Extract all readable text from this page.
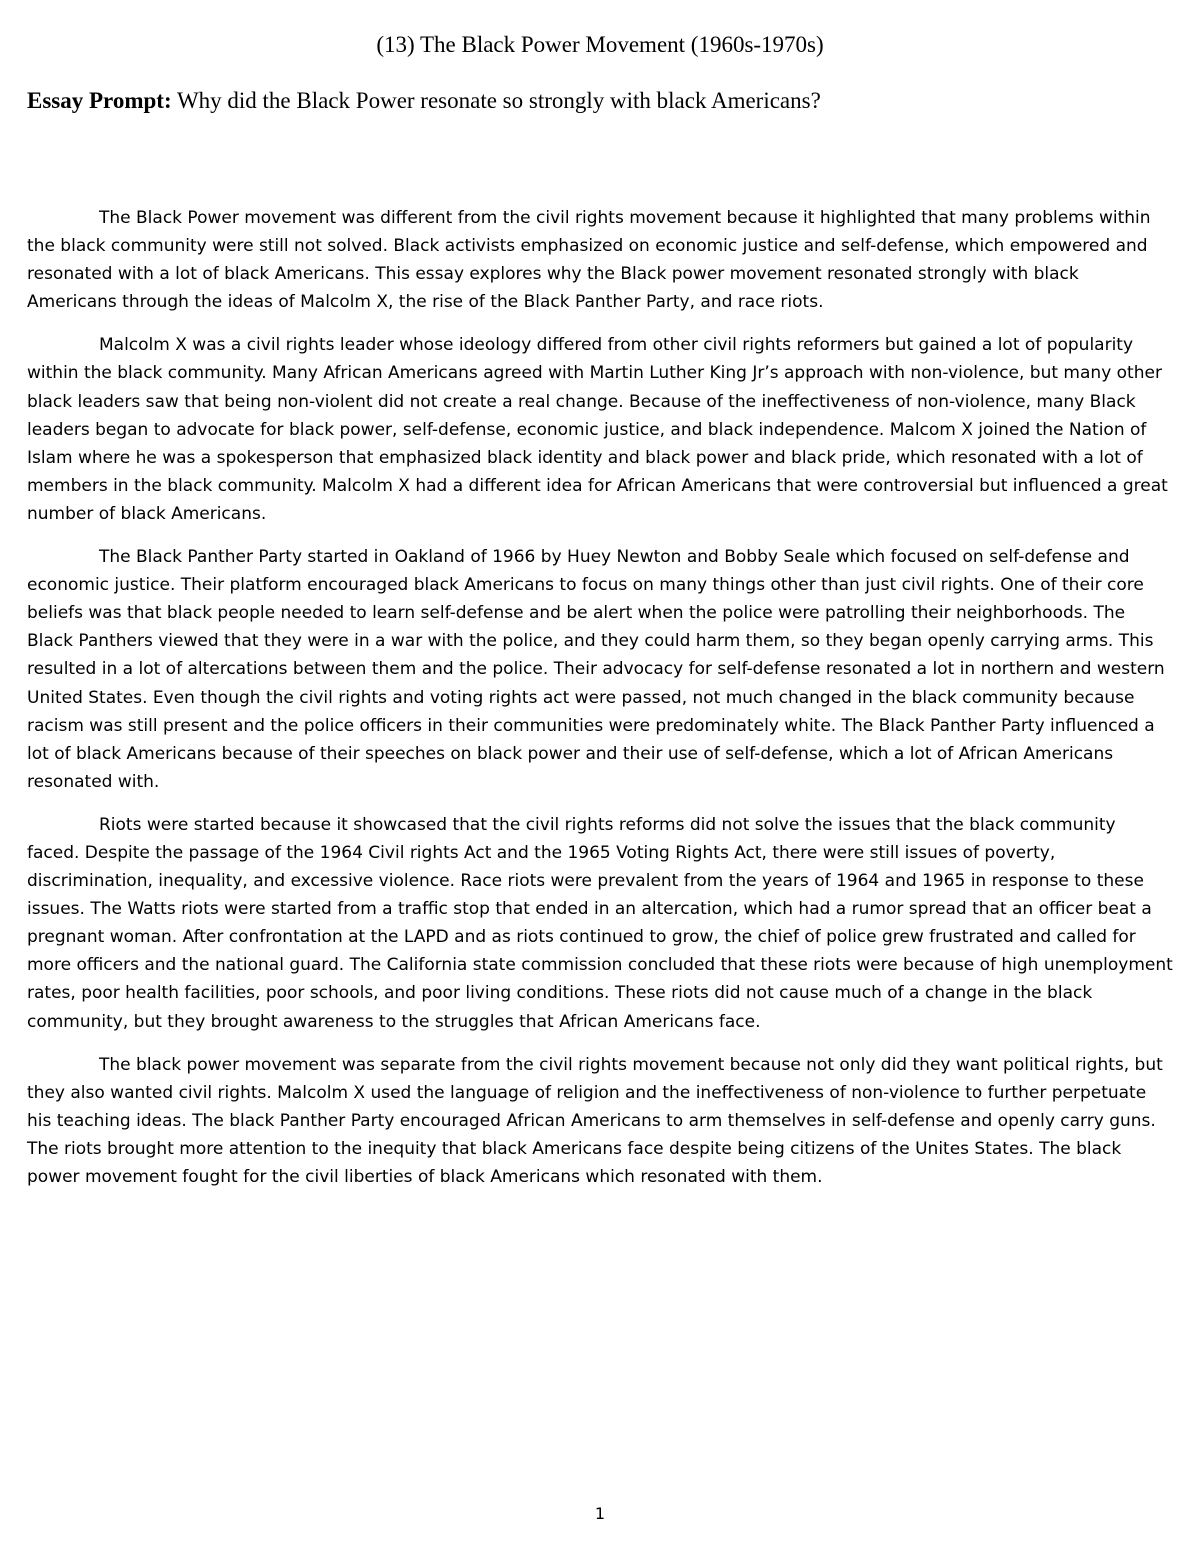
(13) The Black Power Movement (1960s-1970s)

Essay Prompt: Why did the Black Power resonate so strongly with black Americans?

The Black Power movement was different from the civil rights movement because it highlighted that many problems within the black community were still not solved. Black activists emphasized on economic justice and self-defense, which empowered and resonated with a lot of black Americans. This essay explores why the Black power movement resonated strongly with black Americans through the ideas of Malcolm X, the rise of the Black Panther Party, and race riots.

Malcolm X was a civil rights leader whose ideology differed from other civil rights reformers but gained a lot of popularity within the black community. Many African Americans agreed with Martin Luther King Jr’s approach with non-violence, but many other black leaders saw that being non-violent did not create a real change. Because of the ineffectiveness of non-violence, many Black leaders began to advocate for black power, self-defense, economic justice, and black independence. Malcom X joined the Nation of Islam where he was a spokesperson that emphasized black identity and black power and black pride, which resonated with a lot of members in the black community. Malcolm X had a different idea for African Americans that were controversial but influenced a great number of black Americans.

The Black Panther Party started in Oakland of 1966 by Huey Newton and Bobby Seale which focused on self-defense and economic justice. Their platform encouraged black Americans to focus on many things other than just civil rights. One of their core beliefs was that black people needed to learn self-defense and be alert when the police were patrolling their neighborhoods. The Black Panthers viewed that they were in a war with the police, and they could harm them, so they began openly carrying arms. This resulted in a lot of altercations between them and the police. Their advocacy for self-defense resonated a lot in northern and western United States. Even though the civil rights and voting rights act were passed, not much changed in the black community because racism was still present and the police officers in their communities were predominately white. The Black Panther Party influenced a lot of black Americans because of their speeches on black power and their use of self-defense, which a lot of African Americans resonated with.

Riots were started because it showcased that the civil rights reforms did not solve the issues that the black community faced. Despite the passage of the 1964 Civil rights Act and the 1965 Voting Rights Act, there were still issues of poverty, discrimination, inequality, and excessive violence. Race riots were prevalent from the years of 1964 and 1965 in response to these issues. The Watts riots were started from a traffic stop that ended in an altercation, which had a rumor spread that an officer beat a pregnant woman. After confrontation at the LAPD and as riots continued to grow, the chief of police grew frustrated and called for more officers and the national guard. The California state commission concluded that these riots were because of high unemployment rates, poor health facilities, poor schools, and poor living conditions. These riots did not cause much of a change in the black community, but they brought awareness to the struggles that African Americans face.

The black power movement was separate from the civil rights movement because not only did they want political rights, but they also wanted civil rights. Malcolm X used the language of religion and the ineffectiveness of non-violence to further perpetuate his teaching ideas. The black Panther Party encouraged African Americans to arm themselves in self-defense and openly carry guns. The riots brought more attention to the inequity that black Americans face despite being citizens of the Unites States. The black power movement fought for the civil liberties of black Americans which resonated with them.

1
